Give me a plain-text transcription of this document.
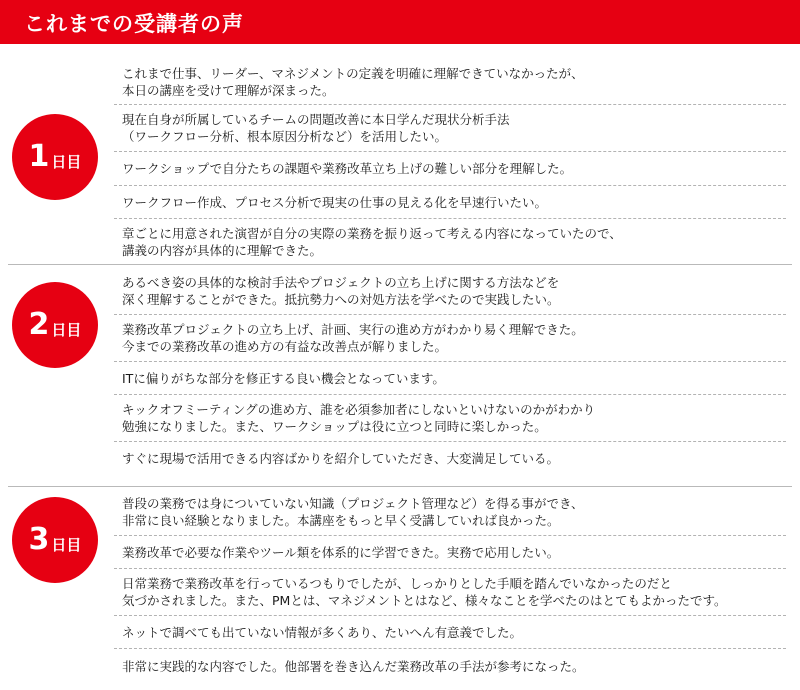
これまでの受講者の声
1 日目
これまで仕事、リーダー、マネジメントの定義を明確に理解できていなかったが、
本日の講座を受けて理解が深まった。
現在自身が所属しているチームの問題改善に本日学んだ現状分析手法
（ワークフロー分析、根本原因分析など）を活用したい。
ワークショップで自分たちの課題や業務改革立ち上げの難しい部分を理解した。
ワークフロー作成、プロセス分析で現実の仕事の見える化を早速行いたい。
章ごとに用意された演習が自分の実際の業務を振り返って考える内容になっていたので、
講義の内容が具体的に理解できた。
2 日目
あるべき姿の具体的な検討手法やプロジェクトの立ち上げに関する方法などを
深く理解することができた。抵抗勢力への対処方法を学べたので実践したい。
業務改革プロジェクトの立ち上げ、計画、実行の進め方がわかり易く理解できた。
今までの業務改革の進め方の有益な改善点が解りました。
ITに偏りがちな部分を修正する良い機会となっています。
キックオフミーティングの進め方、誰を必須参加者にしないといけないのかがわかり
勉強になりました。また、ワークショップは役に立つと同時に楽しかった。
すぐに現場で活用できる内容ばかりを紹介していただき、大変満足している。
3 日目
普段の業務では身についていない知識（プロジェクト管理など）を得る事ができ、
非常に良い経験となりました。本講座をもっと早く受講していれば良かった。
業務改革で必要な作業やツール類を体系的に学習できた。実務で応用したい。
日常業務で業務改革を行っているつもりでしたが、しっかりとした手順を踏んでいなかったのだと
気づかされました。また、PMとは、マネジメントとはなど、様々なことを学べたのはとてもよかったです。
ネットで調べても出ていない情報が多くあり、たいへん有意義でした。
非常に実践的な内容でした。他部署を巻き込んだ業務改革の手法が参考になった。
